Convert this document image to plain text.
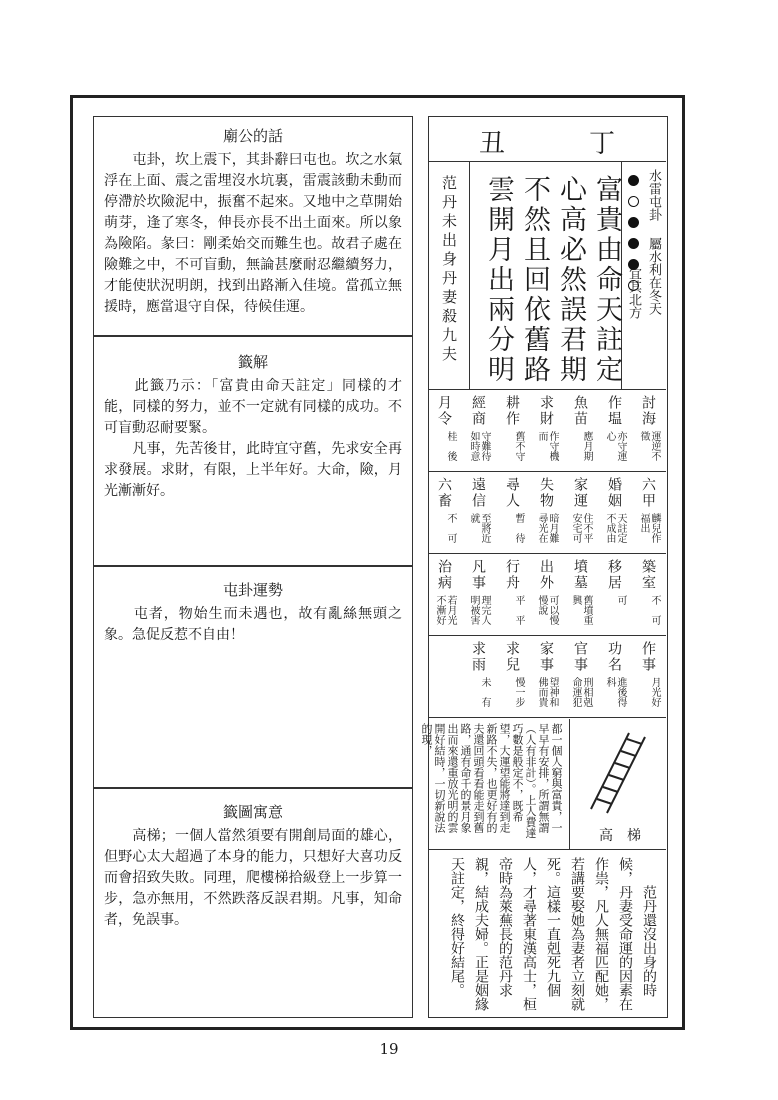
廟公的話

　　屯卦，坎上震下，其卦辭曰屯也。坎之水氣浮在上面、震之雷埋沒水坑裏，雷震該動未動而停滯於坎險泥中，振奮不起來。又地中之草開始萌芽，逢了寒冬，伸長亦長不出土面來。所以象為險陷。彖曰：剛柔始交而難生也。故君子處在險難之中，不可盲動，無論甚麼耐忍繼續努力，才能使狀況明朗，找到出路漸入佳境。當孤立無援時，應當退守自保，待候佳運。

籤解

　　此籤乃示：「富貴由命天註定」同樣的才能，同樣的努力，並不一定就有同樣的成功。不可盲動忍耐要緊。
　　凡事，先苦後甘，此時宜守舊，先求安全再求發展。求財，有限，上半年好。大命，險，月光漸漸好。

屯卦運勢

　　屯者，物始生而未遇也，故有亂絲無頭之象。急促反惹不自由！

籤圖寓意

　　高梯；一個人當然須要有開創局面的雄心，但野心太大超過了本身的能力，只想好大喜功反而會招致失敗。同理，爬樓梯拾級登上一步算一步，急亦無用，不然跌落反誤君期。凡事，知命者，免誤事。

丑	丁
水雷屯卦
屬水利在冬天

宜其北方
富貴由命天註定
心高必然誤君期
不然且回依舊路
雲開月出兩分明
范丹未出身丹妻殺九夫
討海
運逆不徵
作塭
亦守運心
魚苗
應月期
求財
作守機而
耕作
舊不守
經商
守難待如時意
月令
桂　後
六甲
麟兒作福出
婚姻
天註定不成由
家運
住不平安宅可
失物
暗月難尋光在
尋人
暫　待
遠信
至將近就
六畜
不　可
築室
不　可
移居
可
墳墓
舊墳重興
出外
可以慢慢說
行舟
平　平
凡事
理完人明被害
治病
若月光不漸好
作事
月光好
功名
進後得科
官事
刑相剋命運犯
家事
望神和佛而貴
求兒
慢一步
求雨
未　有
都一個人窮與富貴，一早早有安排，所謂無謂（人有非計）。上人費達巧數是般定不，既希望，大運望能將達到走新路不失，也更好有的夫還回頭看看能走到舊路，通有命千的景月象出而來還重放光明的雲開好結時，一切新說法的現，
高梯
　　范丹還沒出身的時候，丹妻受命運的因素在作祟，凡人無福匹配她，若講要娶她為妻者立刻就死。這樣一直剋死九個人，才尋著東漢高士，桓帝時為萊蕪長的范丹求親，結成夫婦。正是姻緣天註定，終得好結尾。
19
